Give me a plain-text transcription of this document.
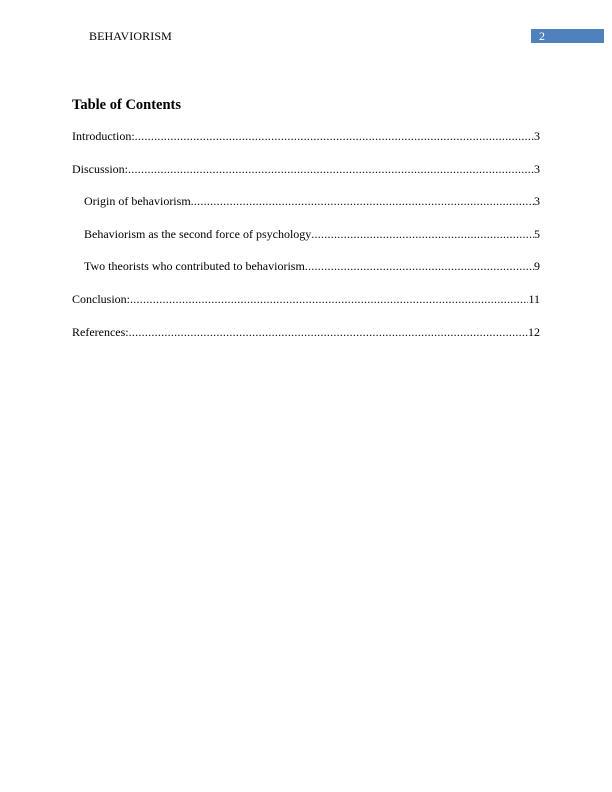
BEHAVIORISM	2
Table of Contents
Introduction: .....	3
Discussion: .....	3
Origin of behaviorism .....	3
Behaviorism as the second force of psychology .....	5
Two theorists who contributed to behaviorism .....	9
Conclusion: .....	11
References: .....	12
